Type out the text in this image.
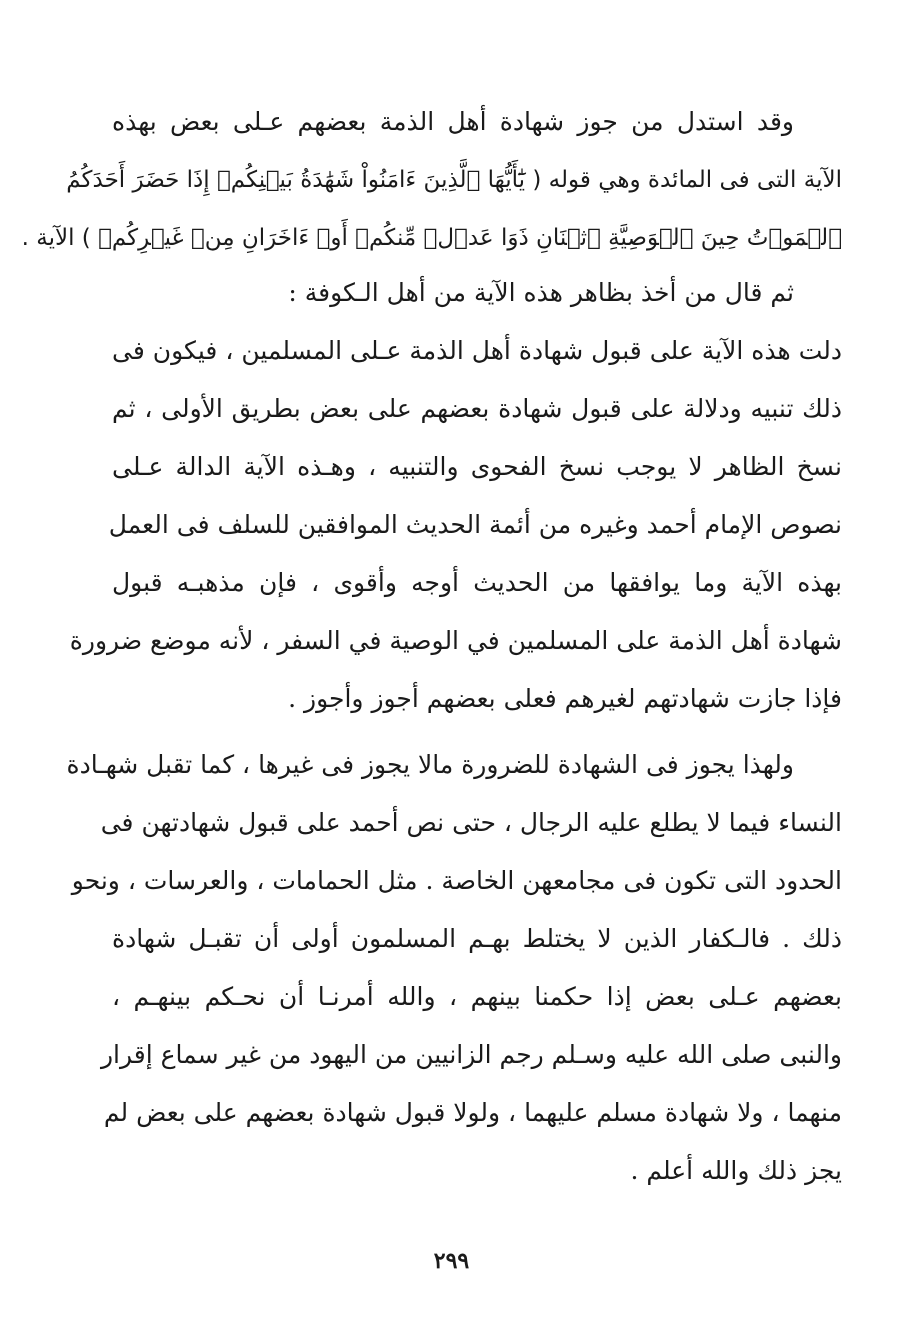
وقد استدل من جوز شهادة أهل الذمة بعضهم عـلى بعض بهذه
الآية التى فى المائدة وهي قوله ( يَٰٓأَيُّهَا ٱلَّذِينَ ءَامَنُواْ شَهَٰدَةُ بَيۡنِكُمۡ إِذَا حَضَرَ أَحَدَكُمُ
ٱلۡمَوۡتُ حِينَ ٱلۡوَصِيَّةِ ٱثۡنَانِ ذَوَا عَدۡلٖ مِّنكُمۡ أَوۡ ءَاخَرَانِ مِنۡ غَيۡرِكُمۡ ) الآية .
ثم قال من أخذ بظاهر هذه الآية من أهل الـكوفة :
دلت هذه الآية على قبول شهادة أهل الذمة عـلى المسلمين ، فيكون فى
ذلك تنبيه ودلالة على قبول شهادة بعضهم على بعض بطريق الأولى ، ثم
نسخ الظاهر لا يوجب نسخ الفحوى والتنبيه ، وهـذه الآية الدالة عـلى
نصوص الإمام أحمد وغيره من أئمة الحديث الموافقين للسلف فى العمل
بهذه الآية وما يوافقها من الحديث أوجه وأقوى ، فإن مذهبـه قبول
شهادة أهل الذمة على المسلمين في الوصية في السفر ، لأنه موضع ضرورة
فإذا جازت شهادتهم لغيرهم فعلى بعضهم أجوز وأجوز .
ولهذا يجوز فى الشهادة للضرورة مالا يجوز فى غيرها ، كما تقبل شهـادة
النساء فيما لا يطلع عليه الرجال ، حتى نص أحمد على قبول شهادتهن فى
الحدود التى تكون فى مجامعهن الخاصة . مثل الحمامات ، والعرسات ، ونحو
ذلك . فالـكفار الذين لا يختلط بهـم المسلمون أولى أن تقبـل شهادة
بعضهم عـلى بعض إذا حكمنا بينهم ، والله أمرنـا أن نحـكم بينهـم ،
والنبى صلى الله عليه وسـلم رجم الزانيين من اليهود من غير سماع إقرار
منهما ، ولا شهادة مسلم عليهما ، ولولا قبول شهادة بعضهم على بعض لم
يجز ذلك والله أعلم .
٢٩٩
